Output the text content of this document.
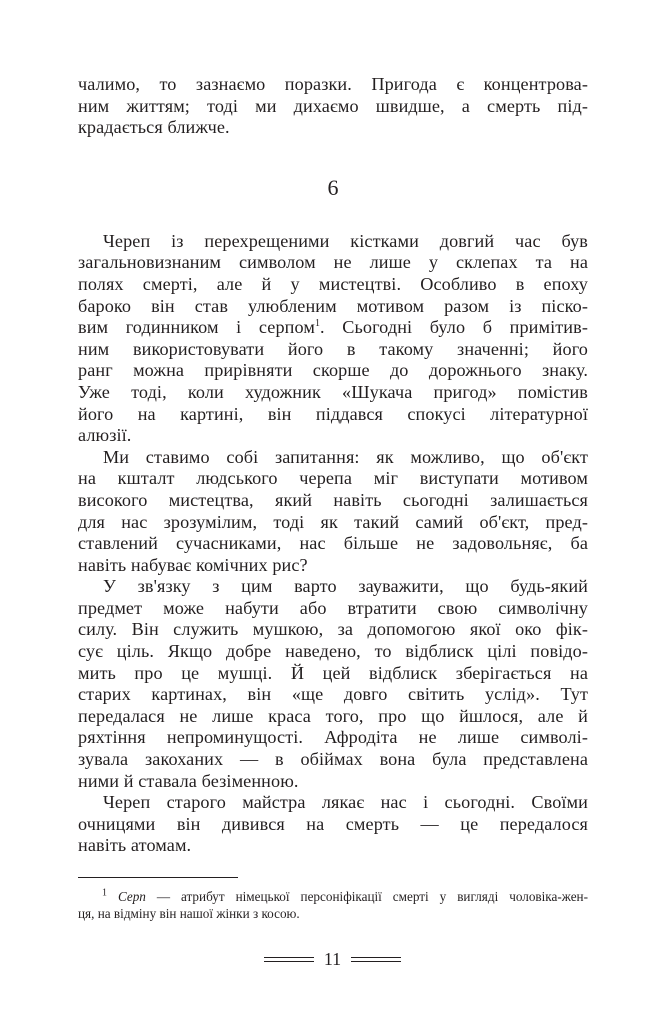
чалимо, то зазнаємо поразки. Пригода є концентрова-
ним життям; тоді ми дихаємо швидше, а смерть під-
крадається ближче.
6
Череп із перехрещеними кістками довгий час був
загальновизнаним символом не лише у склепах та на
полях смерті, але й у мистецтві. Особливо в епоху
бароко він став улюбленим мотивом разом із піско-
вим годинником і серпом$^1$. Сьогодні було б примітив-
ним використовувати його в такому значенні; його
ранг можна прирівняти скорше до дорожнього знаку.
Уже тоді, коли художник «Шукача пригод» помістив
його на картині, він піддався спокусі літературної
алюзії.
Ми ставимо собі запитання: як можливо, що об'єкт
на кшталт людського черепа міг виступати мотивом
високого мистецтва, який навіть сьогодні залишається
для нас зрозумілим, тоді як такий самий об'єкт, пред-
ставлений сучасниками, нас більше не задовольняє, ба
навіть набуває комічних рис?
У зв'язку з цим варто зауважити, що будь-який
предмет може набути або втратити свою символічну
силу. Він служить мушкою, за допомогою якої око фік-
сує ціль. Якщо добре наведено, то відблиск цілі повідо-
мить про це мушці. Й цей відблиск зберігається на
старих картинах, він «ще довго світить услід». Тут
передалася не лише краса того, про що йшлося, але й
ряхтіння непроминущості. Афродіта не лише символі-
зувала закоханих — в обіймах вона була представлена
ними й ставала безіменною.
Череп старого майстра лякає нас і сьогодні. Своїми
очницями він дивився на смерть — це передалося
навіть атомам.
$^1$ Серп — атрибут німецької персоніфікації смерті у вигляді чоловіка-жен-
ця, на відміну він нашої жінки з косою.
11
